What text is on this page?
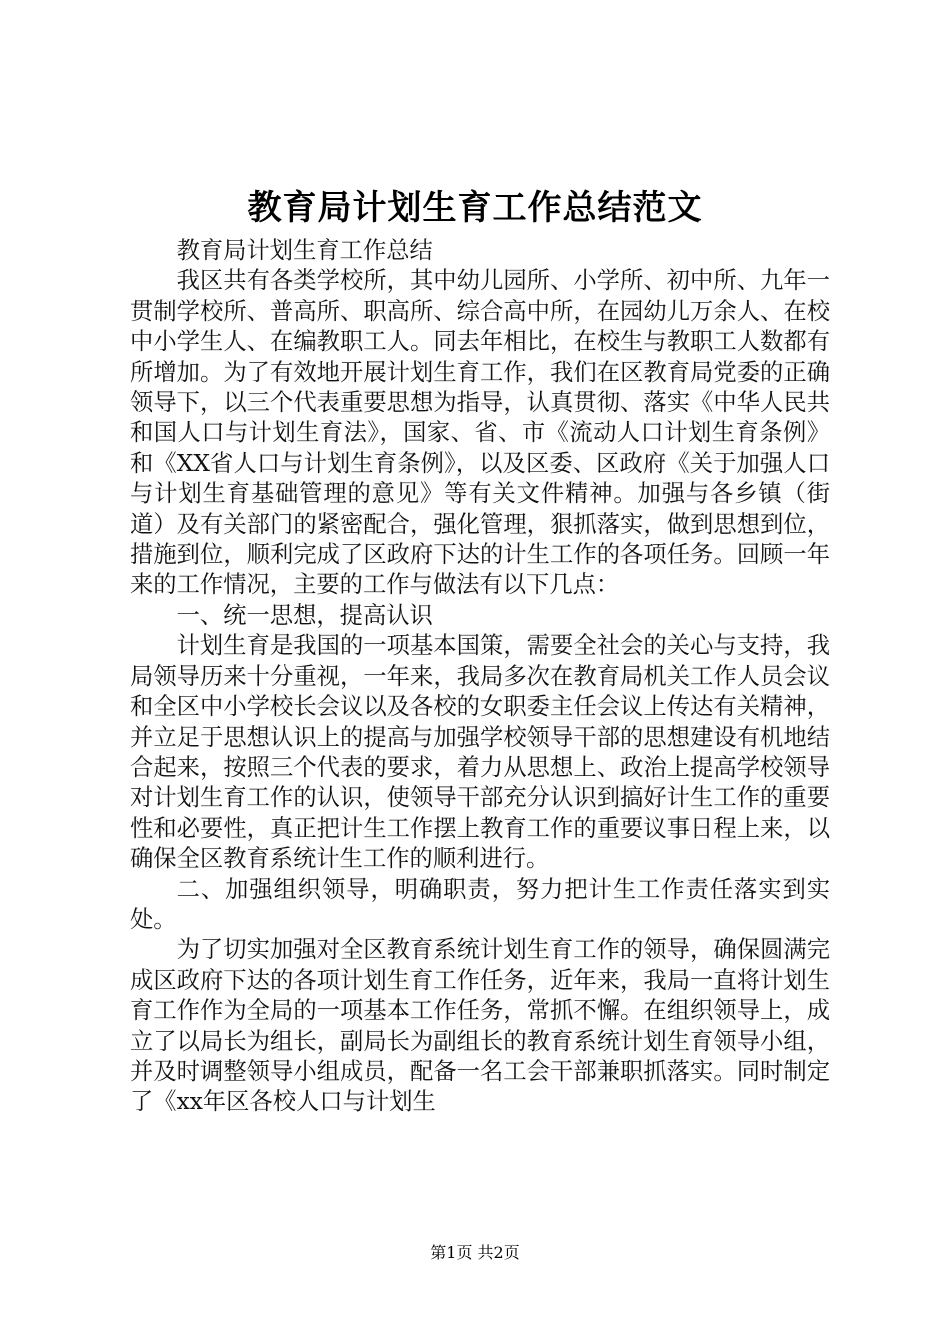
教育局计划生育工作总结范文

教育局计划生育工作总结

我区共有各类学校所，其中幼儿园所、小学所、初中所、九年一贯制学校所、普高所、职高所、综合高中所，在园幼儿万余人、在校中小学生人、在编教职工人。同去年相比，在校生与教职工人数都有所增加。为了有效地开展计划生育工作，我们在区教育局党委的正确领导下，以三个代表重要思想为指导，认真贯彻、落实《中华人民共和国人口与计划生育法》，国家、省、市《流动人口计划生育条例》和《XX省人口与计划生育条例》，以及区委、区政府《关于加强人口与计划生育基础管理的意见》等有关文件精神。加强与各乡镇（街道）及有关部门的紧密配合，强化管理，狠抓落实，做到思想到位，措施到位，顺利完成了区政府下达的计生工作的各项任务。回顾一年来的工作情况，主要的工作与做法有以下几点：

一、统一思想，提高认识

计划生育是我国的一项基本国策，需要全社会的关心与支持，我局领导历来十分重视，一年来，我局多次在教育局机关工作人员会议和全区中小学校长会议以及各校的女职委主任会议上传达有关精神，并立足于思想认识上的提高与加强学校领导干部的思想建设有机地结合起来，按照三个代表的要求，着力从思想上、政治上提高学校领导对计划生育工作的认识，使领导干部充分认识到搞好计生工作的重要性和必要性，真正把计生工作摆上教育工作的重要议事日程上来，以确保全区教育系统计生工作的顺利进行。

二、加强组织领导，明确职责，努力把计生工作责任落实到实处。

为了切实加强对全区教育系统计划生育工作的领导，确保圆满完成区政府下达的各项计划生育工作任务，近年来，我局一直将计划生育工作作为全局的一项基本工作任务，常抓不懈。在组织领导上，成立了以局长为组长，副局长为副组长的教育系统计划生育领导小组，并及时调整领导小组成员，配备一名工会干部兼职抓落实。同时制定了《xx年区各校人口与计划生

第1页 共2页
